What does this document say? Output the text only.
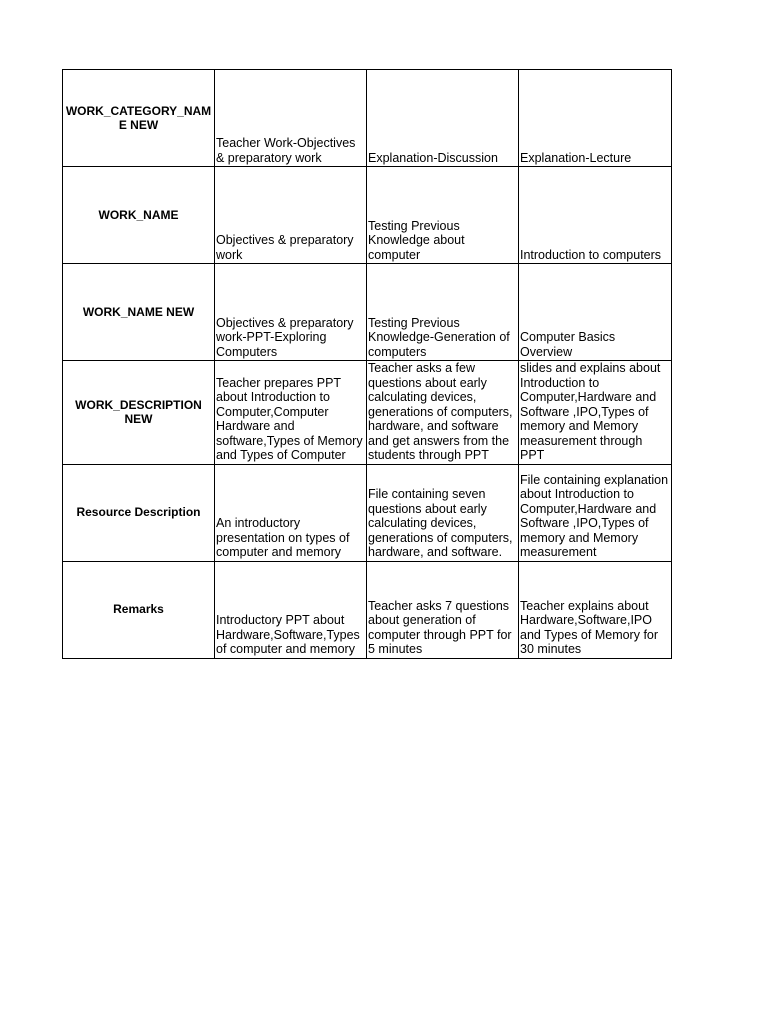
WORK_CATEGORY_NAME NEW	Teacher Work-Objectives & preparatory work	Explanation-Discussion	Explanation-Lecture

WORK_NAME	Objectives & preparatory work	Testing Previous Knowledge about computer	Introduction to computers

WORK_NAME NEW	Objectives & preparatory work-PPT-Exploring Computers	Testing Previous Knowledge-Generation of computers	Computer Basics Overview

WORK_DESCRIPTION NEW	Teacher prepares PPT about Introduction to Computer,Computer Hardware and software,Types of Memory and Types of Computer	Teacher asks a few questions about early calculating devices, generations of computers, hardware, and software and get answers from the students through PPT	slides and explains about Introduction to Computer,Hardware and Software ,IPO,Types of memory and Memory measurement through PPT

Resource Description	An introductory presentation on types of computer and memory	File containing seven questions about early calculating devices, generations of computers, hardware, and software.	File containing explanation about Introduction to Computer,Hardware and Software ,IPO,Types of memory and Memory measurement

Remarks	Introductory PPT about Hardware,Software,Types of computer and memory	Teacher asks 7 questions about generation of computer through PPT for 5 minutes	Teacher explains about Hardware,Software,IPO and Types of Memory for 30 minutes
